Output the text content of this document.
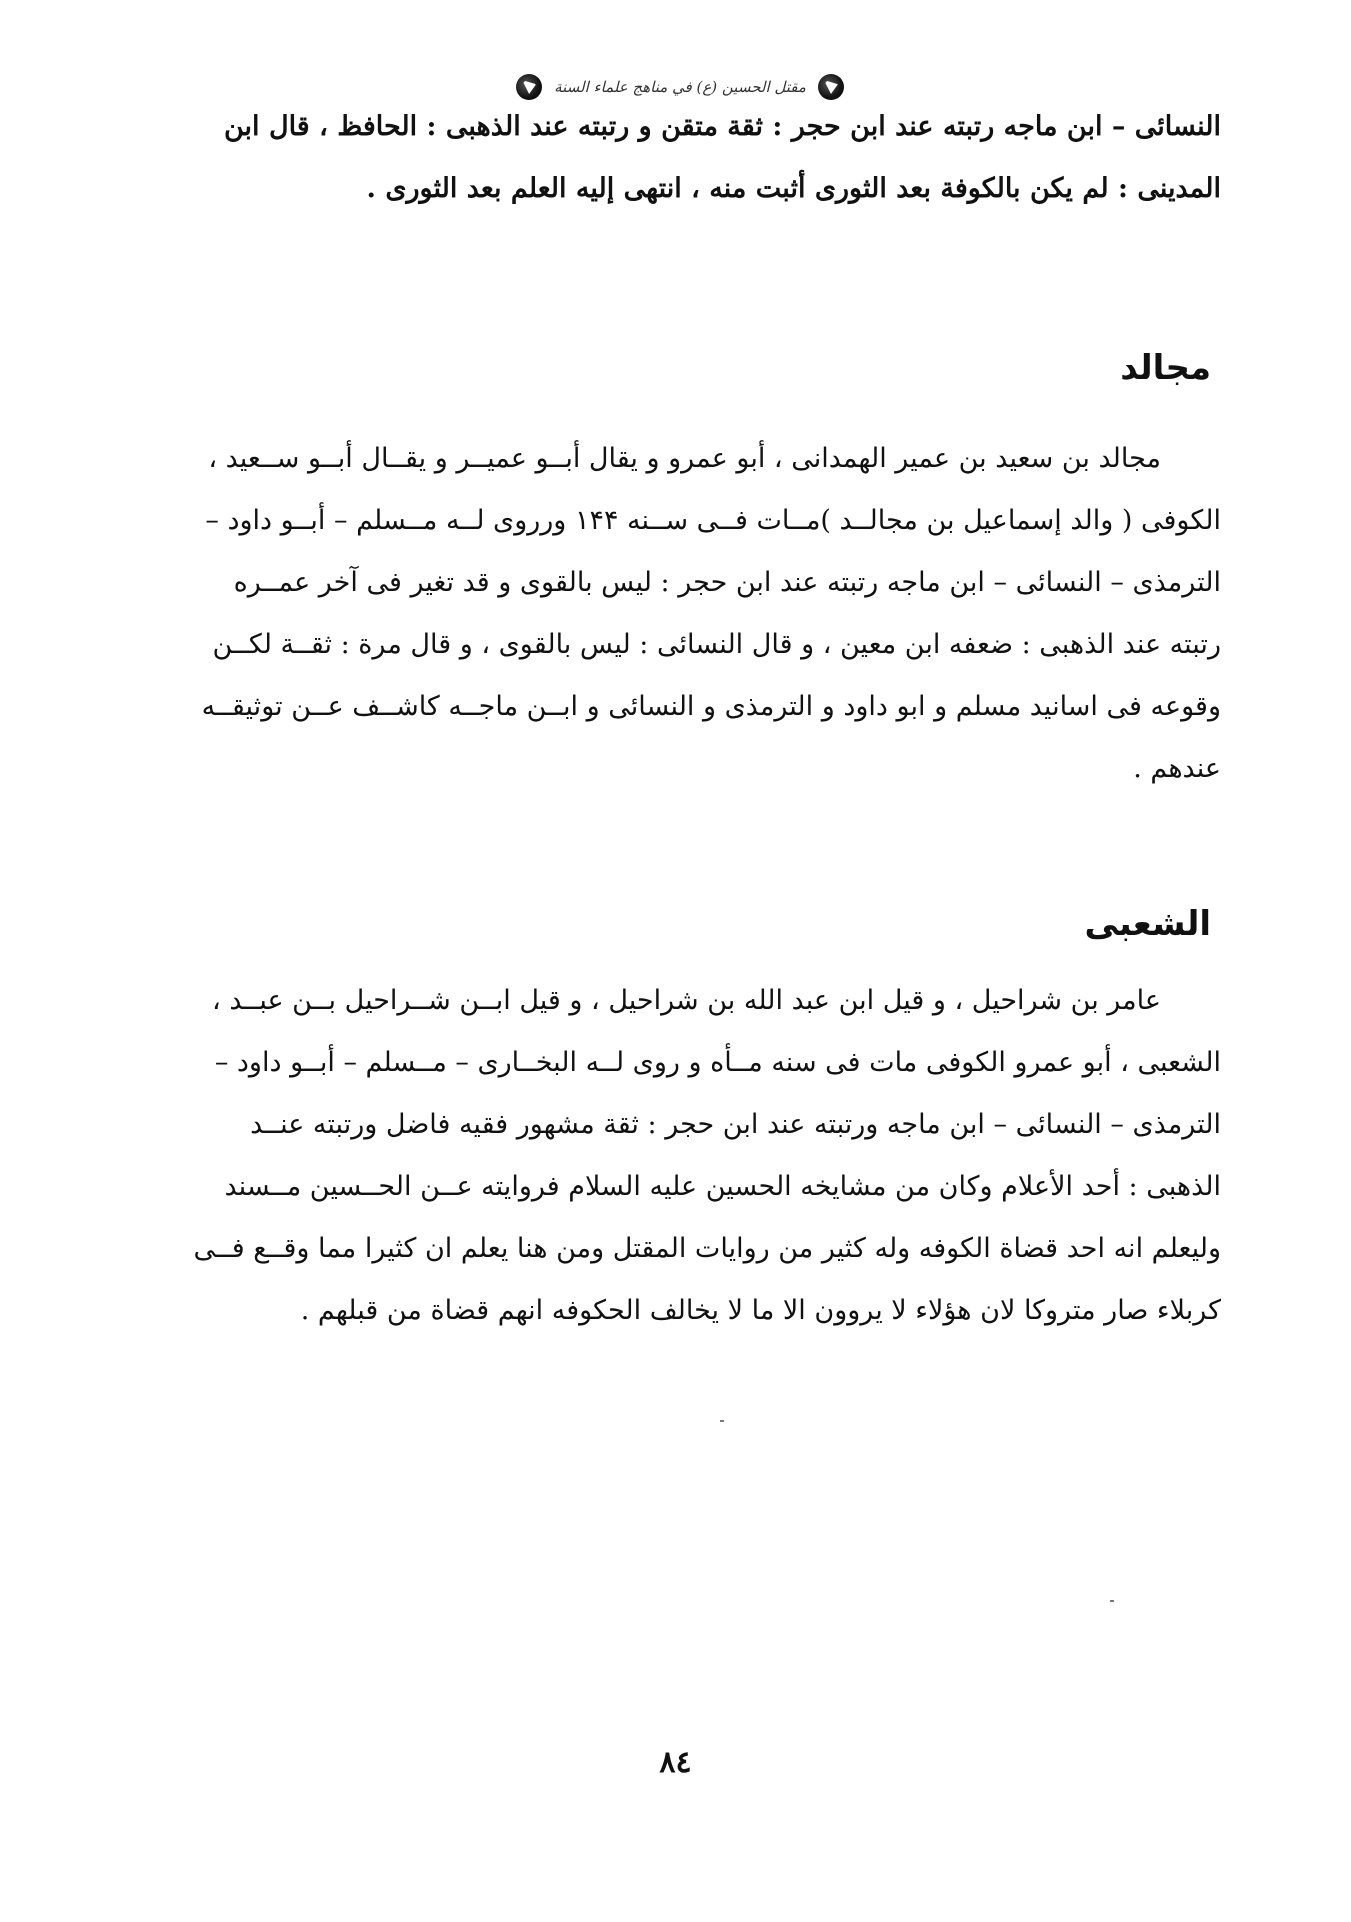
مقتل الحسين (ع) في مناهج علماء السنة
النسائی – ابن ماجه رتبته عند ابن حجر : ثقة متقن و رتبته عند الذهبی : الحافظ ، قال ابن
المدینی : لم یکن بالکوفة بعد الثوری أثبت منه ، انتهی إلیه العلم بعد الثوری .
مجالد
مجالد بن سعید بن عمیر الهمدانی ، أبو عمرو و یقال أبــو عمیــر و یقــال أبــو ســعید ،
الکوفی ( والد إسماعیل بن مجالــد )مــات فــی ســنه ۱۴۴ ورروی لــه مــسلم – أبــو داود –
الترمذی – النسائی – ابن ماجه رتبته عند ابن حجر : لیس بالقوی و قد تغیر فی آخر عمــره
رتبته عند الذهبی : ضعفه ابن معین ، و قال النسائی : لیس بالقوی ، و قال مرة : ثقــة لکــن
وقوعه فی اسانید مسلم و ابو داود و الترمذی و النسائی و ابــن ماجــه کاشــف عــن توثیقــه
عندهم .
الشعبی
عامر بن شراحیل ، و قیل ابن عبد الله بن شراحیل ، و قیل ابــن شــراحیل بــن عبــد ،
الشعبی ، أبو عمرو الکوفی مات فی سنه مــأه و روی لــه البخــاری – مــسلم – أبــو داود –
الترمذی – النسائی – ابن ماجه ورتبته عند ابن حجر : ثقة مشهور فقیه فاضل ورتبته عنــد
الذهبی : أحد الأعلام وکان من مشایخه الحسین علیه السلام فروایته عــن الحــسین مــسند
ولیعلم انه احد قضاة الکوفه وله کثیر من روایات المقتل ومن هنا یعلم ان کثیرا مما وقــع فــی
کربلاء صار متروکا لان هؤلاء لا یروون الا ما لا یخالف الحکوفه انهم قضاة من قبلهم .
٨٤
